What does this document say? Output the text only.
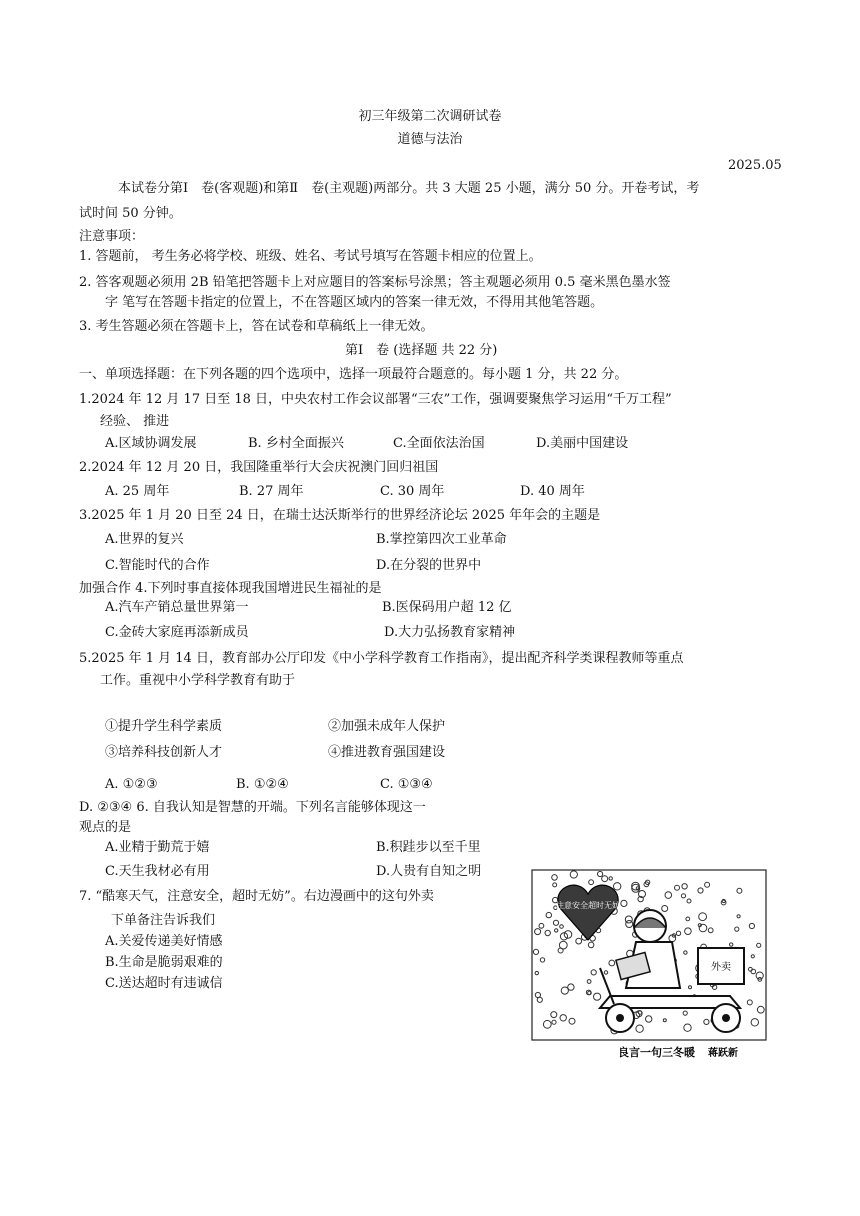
初三年级第二次调研试卷
道德与法治
2025.05
本试卷分第Ⅰ　卷(客观题)和第Ⅱ　卷(主观题)两部分。共 3 大题 25 小题，满分 50 分。开卷考试，考
试时间 50 分钟。
注意事项：
1. 答题前， 考生务必将学校、班级、姓名、考试号填写在答题卡相应的位置上。
2. 答客观题必须用 2B 铅笔把答题卡上对应题目的答案标号涂黑；答主观题必须用 0.5 毫米黑色墨水签
字 笔写在答题卡指定的位置上，不在答题区域内的答案一律无效，不得用其他笔答题。
3. 考生答题必须在答题卡上，答在试卷和草稿纸上一律无效。
第Ⅰ　卷 (选择题 共 22 分)
一、单项选择题：在下列各题的四个选项中，选择一项最符合题意的。每小题 1 分，共 22 分。
1.2024 年 12 月 17 日至 18 日，中央农村工作会议部署“三农”工作，强调要聚焦学习运用“千万工程”
经验、 推进
A.区域协调发展	B. 乡村全面振兴	C.全面依法治国	D.美丽中国建设
2.2024 年 12 月 20 日，我国隆重举行大会庆祝澳门回归祖国
A. 25 周年	B. 27 周年	C. 30 周年	D. 40 周年
3.2025 年 1 月 20 日至 24 日，在瑞士达沃斯举行的世界经济论坛 2025 年年会的主题是
A.世界的复兴	B.掌控第四次工业革命
C.智能时代的合作	D.在分裂的世界中
加强合作 4.下列时事直接体现我国增进民生福祉的是
A.汽车产销总量世界第一	B.医保码用户超 12 亿
C.金砖大家庭再添新成员	D.大力弘扬教育家精神
5.2025 年 1 月 14 日，教育部办公厅印发《中小学科学教育工作指南》，提出配齐科学类课程教师等重点
工作。重视中小学科学教育有助于
①提升学生科学素质	②加强未成年人保护
③培养科技创新人才	④推进教育强国建设
A. ①②③	B. ①②④	C. ①③④
D. ②③④ 6. 自我认知是智慧的开端。下列名言能够体现这一
观点的是
A.业精于勤荒于嬉	B.积跬步以至千里
C.天生我材必有用	D.人贵有自知之明
7. “酷寒天气，注意安全，超时无妨”。右边漫画中的这句外卖
下单备注告诉我们
A.关爱传递美好情感
B.生命是脆弱艰难的
C.送达超时有违诚信
注意安全超时无妨
外卖
良言一句三冬暖 蒋跃新
